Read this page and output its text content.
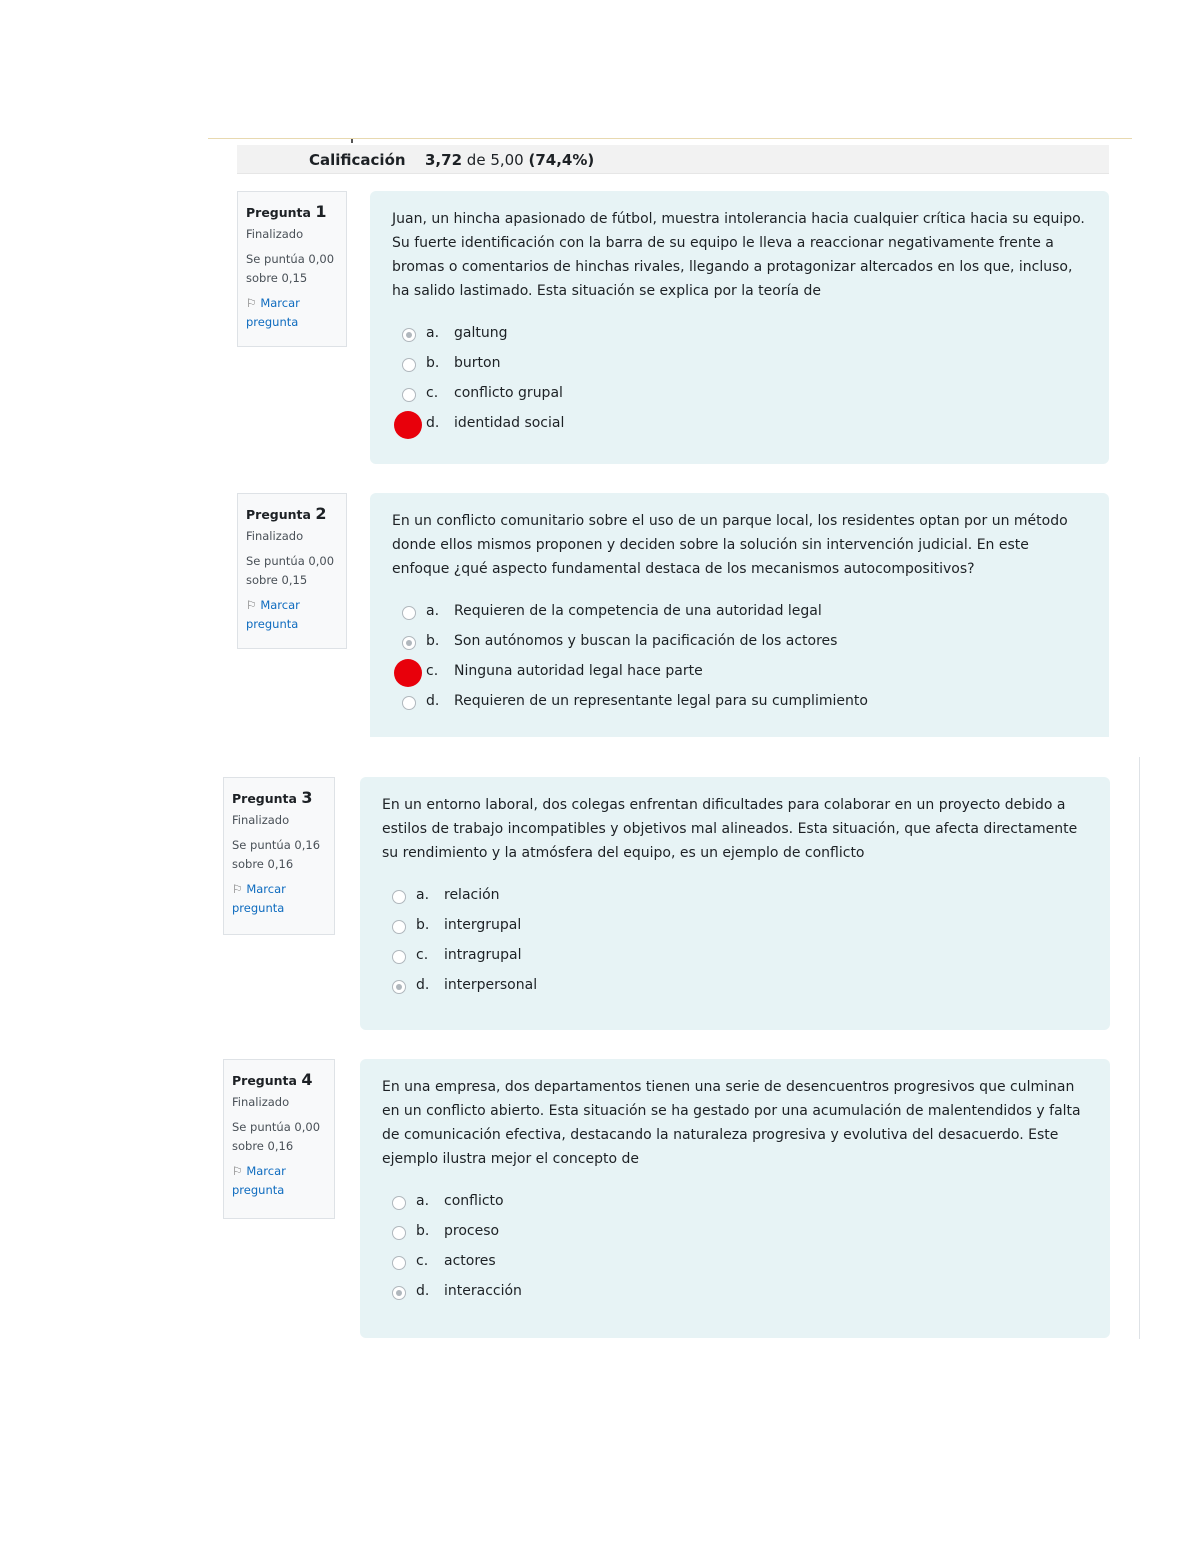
Calificación 3,72 de 5,00 (74,4%)
Pregunta 1
Finalizado
Se puntúa 0,00 sobre 0,15
⚐ Marcar pregunta
Juan, un hincha apasionado de fútbol, muestra intolerancia hacia cualquier crítica hacia su equipo. Su fuerte identificación con la barra de su equipo le lleva a reaccionar negativamente frente a bromas o comentarios de hinchas rivales, llegando a protagonizar altercados en los que, incluso, ha salido lastimado. Esta situación se explica por la teoría de
a. galtung
b. burton
c. conflicto grupal
d. identidad social
Pregunta 2
Finalizado
Se puntúa 0,00 sobre 0,15
⚐ Marcar pregunta
En un conflicto comunitario sobre el uso de un parque local, los residentes optan por un método donde ellos mismos proponen y deciden sobre la solución sin intervención judicial. En este enfoque ¿qué aspecto fundamental destaca de los mecanismos autocompositivos?
a. Requieren de la competencia de una autoridad legal
b. Son autónomos y buscan la pacificación de los actores
c. Ninguna autoridad legal hace parte
d. Requieren de un representante legal para su cumplimiento
Pregunta 3
Finalizado
Se puntúa 0,16 sobre 0,16
⚐ Marcar pregunta
En un entorno laboral, dos colegas enfrentan dificultades para colaborar en un proyecto debido a estilos de trabajo incompatibles y objetivos mal alineados. Esta situación, que afecta directamente su rendimiento y la atmósfera del equipo, es un ejemplo de conflicto
a. relación
b. intergrupal
c. intragrupal
d. interpersonal
Pregunta 4
Finalizado
Se puntúa 0,00 sobre 0,16
⚐ Marcar pregunta
En una empresa, dos departamentos tienen una serie de desencuentros progresivos que culminan en un conflicto abierto. Esta situación se ha gestado por una acumulación de malentendidos y falta de comunicación efectiva, destacando la naturaleza progresiva y evolutiva del desacuerdo. Este ejemplo ilustra mejor el concepto de
a. conflicto
b. proceso
c. actores
d. interacción
